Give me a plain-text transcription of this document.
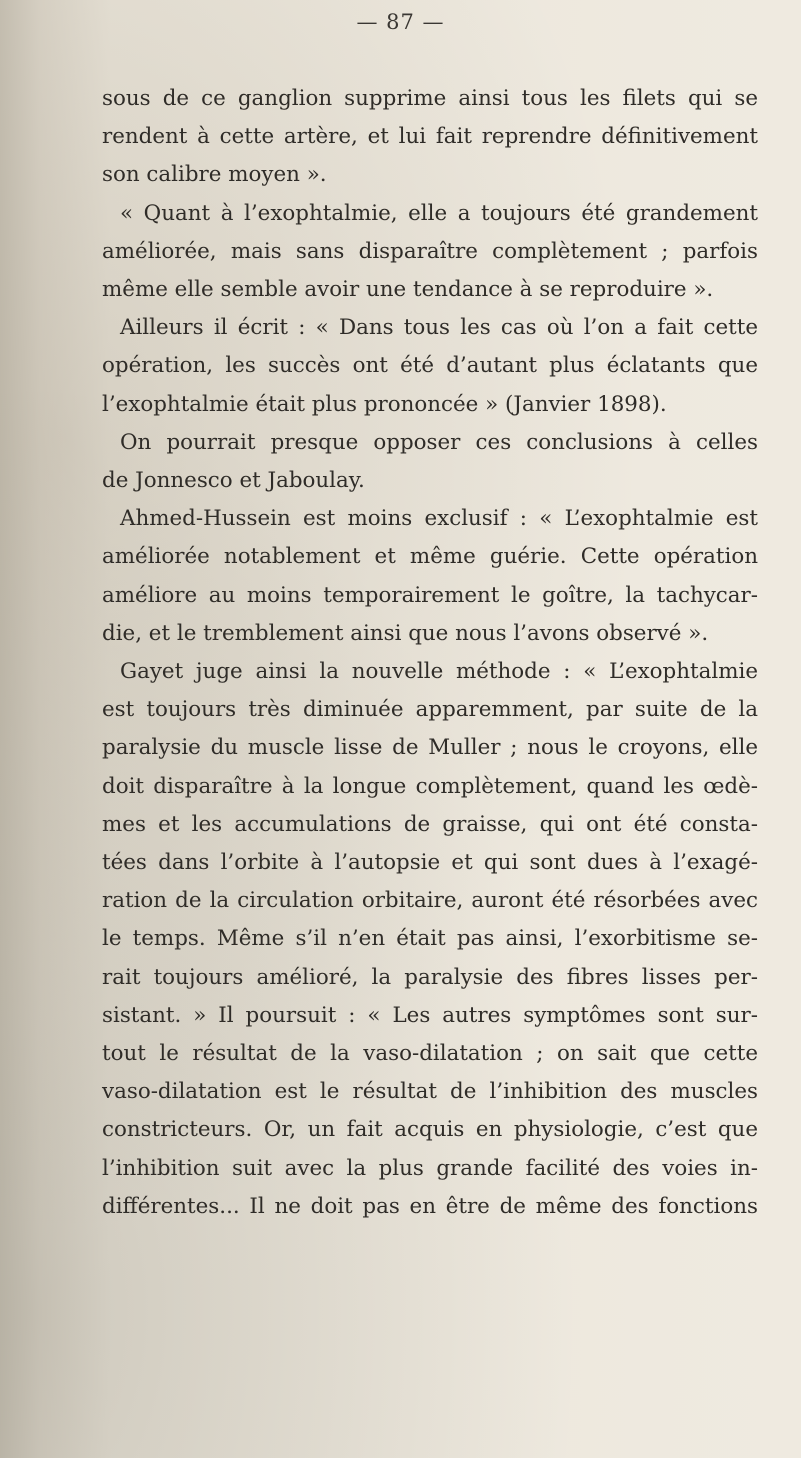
— 87 —

sous de ce ganglion supprime ainsi tous les filets qui se

rendent à cette artère, et lui fait reprendre définitivement

son calibre moyen ».

« Quant à l’exophtalmie, elle a toujours été grandement

améliorée, mais sans disparaître complètement ; parfois

même elle semble avoir une tendance à se reproduire ».

Ailleurs il écrit : « Dans tous les cas où l’on a fait cette

opération, les succès ont été d’autant plus éclatants que

l’exophtalmie était plus prononcée » (Janvier 1898).

On pourrait presque opposer ces conclusions à celles

de Jonnesco et Jaboulay.

Ahmed-Hussein est moins exclusif : « L’exophtalmie est

améliorée notablement et même guérie. Cette opération

améliore au moins temporairement le goître, la tachycar-

die, et le tremblement ainsi que nous l’avons observé ».

Gayet juge ainsi la nouvelle méthode : « L’exophtalmie

est toujours très diminuée apparemment, par suite de la

paralysie du muscle lisse de Muller ; nous le croyons, elle

doit disparaître à la longue complètement, quand les œdè-

mes et les accumulations de graisse, qui ont été consta-

tées dans l’orbite à l’autopsie et qui sont dues à l’exagé-

ration de la circulation orbitaire, auront été résorbées avec

le temps. Même s’il n’en était pas ainsi, l’exorbitisme se-

rait toujours amélioré, la paralysie des fibres lisses per-

sistant. » Il poursuit : « Les autres symptômes sont sur-

tout le résultat de la vaso-dilatation ; on sait que cette

vaso-dilatation est le résultat de l’inhibition des muscles

constricteurs. Or, un fait acquis en physiologie, c’est que

l’inhibition suit avec la plus grande facilité des voies in-

différentes... Il ne doit pas en être de même des fonctions
